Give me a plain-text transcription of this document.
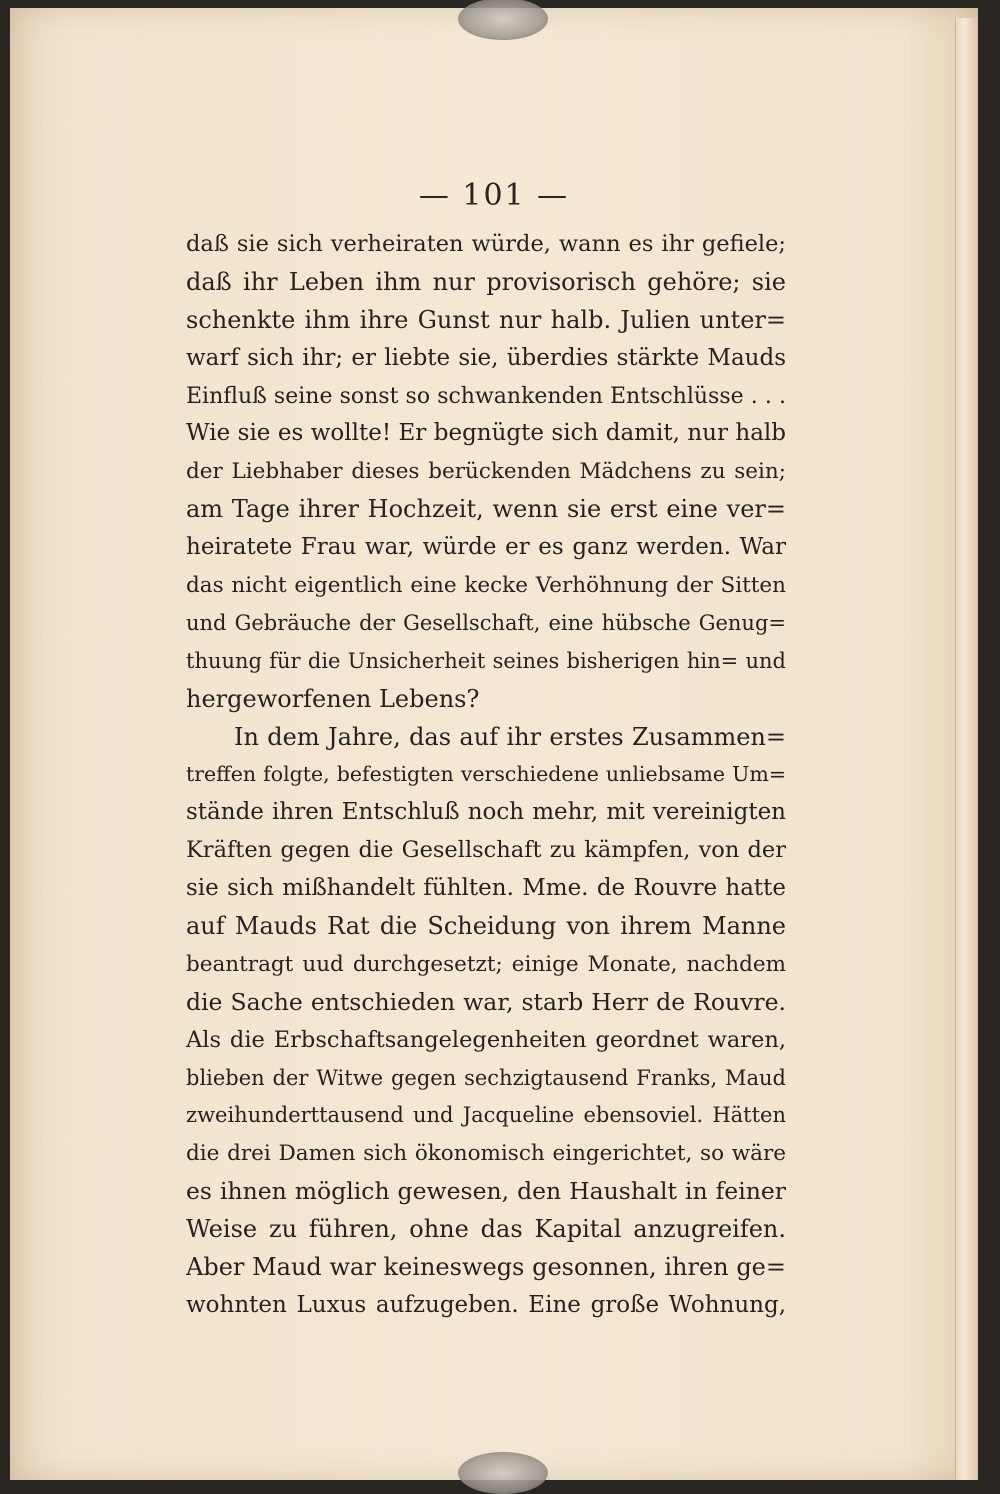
— 101 —
daß sie sich verheiraten würde, wann es ihr gefiele;
daß ihr Leben ihm nur provisorisch gehöre; sie
schenkte ihm ihre Gunst nur halb. Julien unter=
warf sich ihr; er liebte sie, überdies stärkte Mauds
Einfluß seine sonst so schwankenden Entschlüsse . . .
Wie sie es wollte! Er begnügte sich damit, nur halb
der Liebhaber dieses berückenden Mädchens zu sein;
am Tage ihrer Hochzeit, wenn sie erst eine ver=
heiratete Frau war, würde er es ganz werden. War
das nicht eigentlich eine kecke Verhöhnung der Sitten
und Gebräuche der Gesellschaft, eine hübsche Genug=
thuung für die Unsicherheit seines bisherigen hin= und
hergeworfenen Lebens?
In dem Jahre, das auf ihr erstes Zusammen=
treffen folgte, befestigten verschiedene unliebsame Um=
stände ihren Entschluß noch mehr, mit vereinigten
Kräften gegen die Gesellschaft zu kämpfen, von der
sie sich mißhandelt fühlten. Mme. de Rouvre hatte
auf Mauds Rat die Scheidung von ihrem Manne
beantragt uud durchgesetzt; einige Monate, nachdem
die Sache entschieden war, starb Herr de Rouvre.
Als die Erbschaftsangelegenheiten geordnet waren,
blieben der Witwe gegen sechzigtausend Franks, Maud
zweihunderttausend und Jacqueline ebensoviel. Hätten
die drei Damen sich ökonomisch eingerichtet, so wäre
es ihnen möglich gewesen, den Haushalt in feiner
Weise zu führen, ohne das Kapital anzugreifen.
Aber Maud war keineswegs gesonnen, ihren ge=
wohnten Luxus aufzugeben. Eine große Wohnung,
